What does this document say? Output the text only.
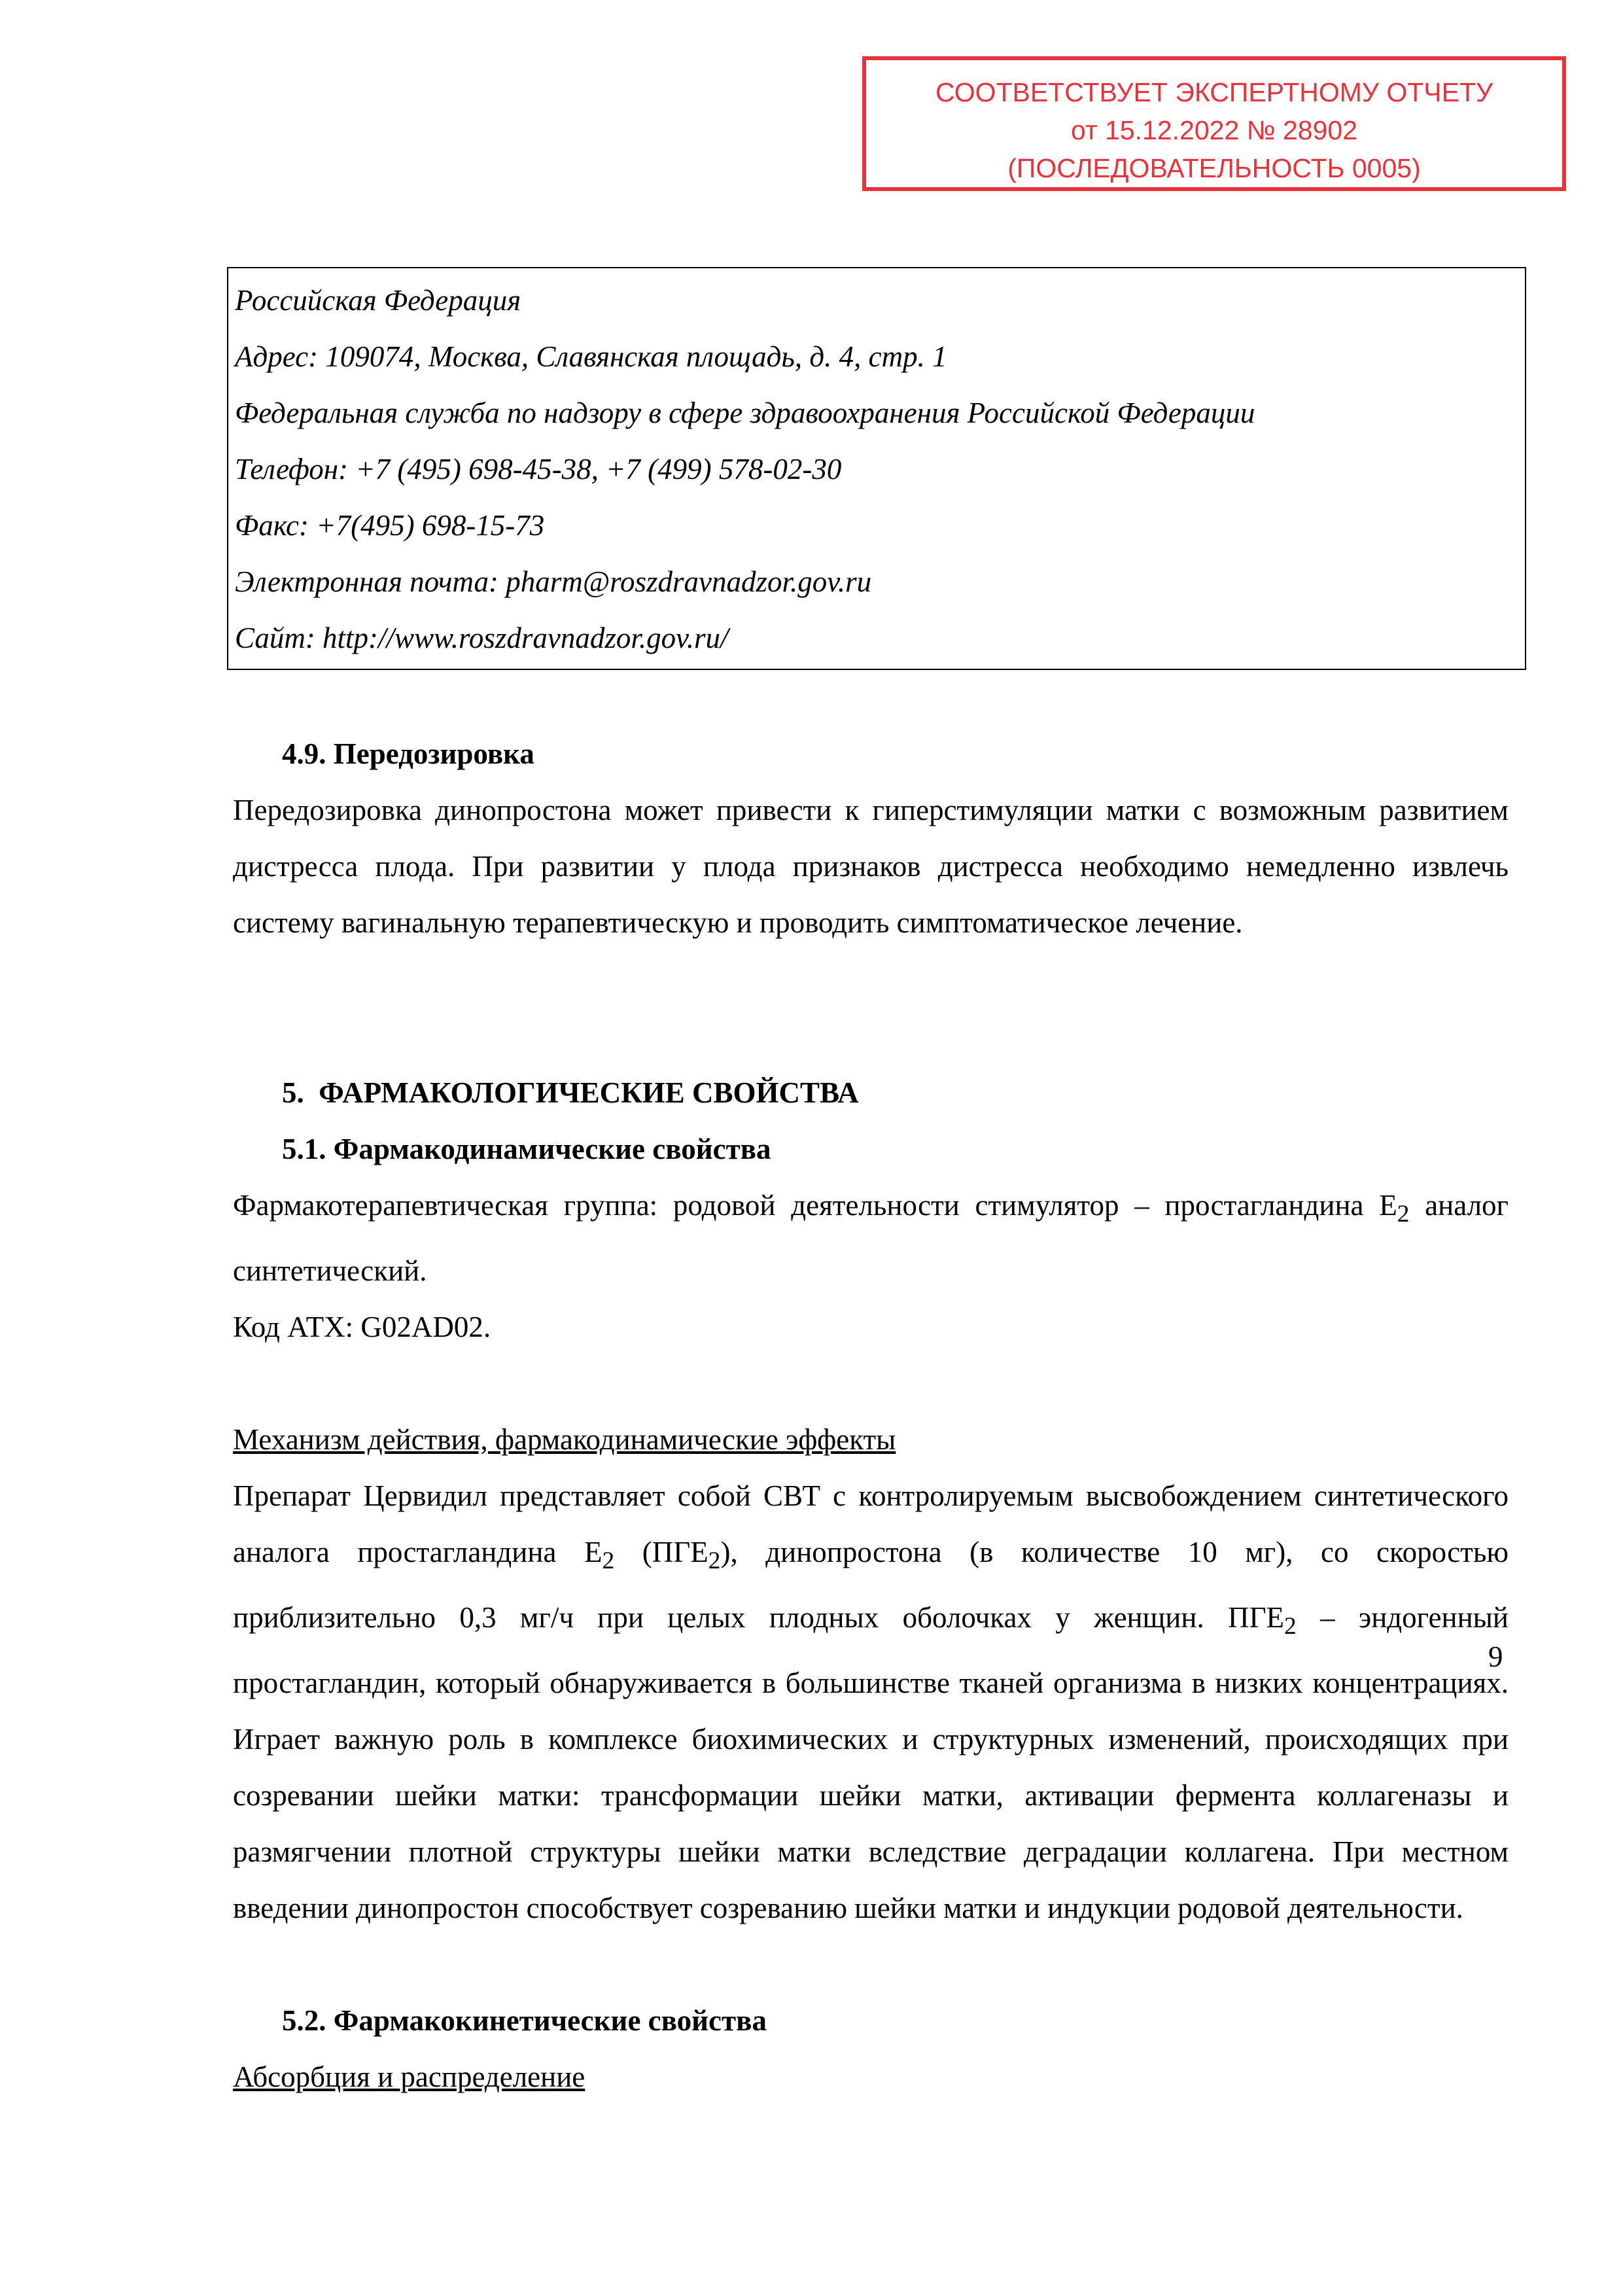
СООТВЕТСТВУЕТ ЭКСПЕРТНОМУ ОТЧЕТУ
от 15.12.2022 № 28902
(ПОСЛЕДОВАТЕЛЬНОСТЬ 0005)

Российская Федерация

Адрес: 109074, Москва, Славянская площадь, д. 4, стр. 1

Федеральная служба по надзору в сфере здравоохранения Российской Федерации

Телефон: +7 (495) 698-45-38, +7 (499) 578-02-30

Факс: +7(495) 698-15-73

Электронная почта: pharm@roszdravnadzor.gov.ru

Сайт: http://www.roszdravnadzor.gov.ru/

4.9. Передозировка

Передозировка динопростона может привести к гиперстимуляции матки с возможным развитием дистресса плода. При развитии у плода признаков дистресса необходимо немедленно извлечь систему вагинальную терапевтическую и проводить симптоматическое лечение.

5.  ФАРМАКОЛОГИЧЕСКИЕ СВОЙСТВА

5.1. Фармакодинамические свойства

Фармакотерапевтическая группа: родовой деятельности стимулятор – простагландина $E_2$ аналог синтетический.

Код АТХ: G02AD02.

Механизм действия, фармакодинамические эффекты

Препарат Цервидил представляет собой СВТ с контролируемым высвобождением синтетического аналога простагландина $E_2$ $(ПГЕ_2)$, динопростона (в количестве 10 мг), со скоростью приблизительно 0,3 мг/ч при целых плодных оболочках у женщин. $ПГЕ_2$ – эндогенный простагландин, который обнаруживается в большинстве тканей организма в низких концентрациях. Играет важную роль в комплексе биохимических и структурных изменений, происходящих при созревании шейки матки: трансформации шейки матки, активации фермента коллагеназы и размягчении плотной структуры шейки матки вследствие деградации коллагена. При местном введении динопростон способствует созреванию шейки матки и индукции родовой деятельности.

5.2. Фармакокинетические свойства

Абсорбция и распределение

9
